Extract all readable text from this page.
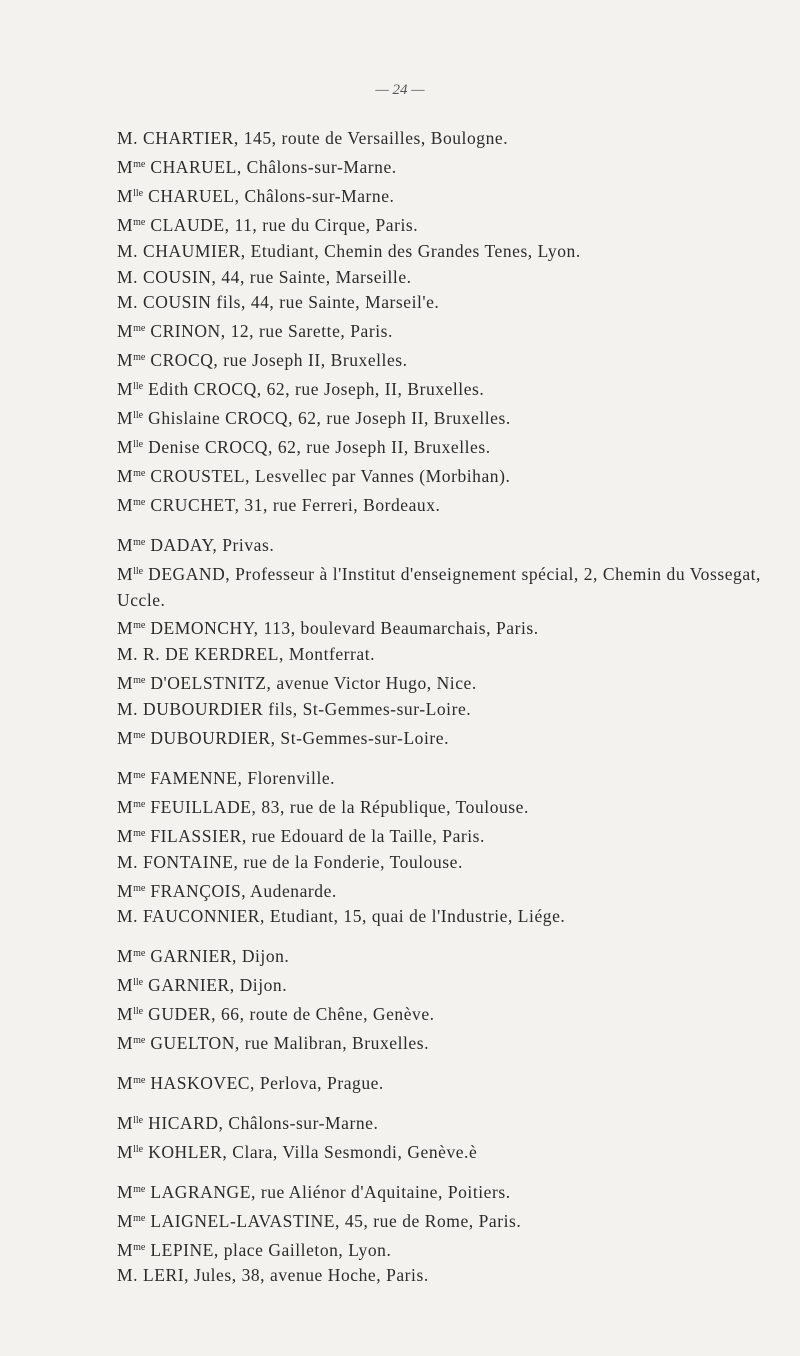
— 24 —
M. CHARTIER, 145, route de Versailles, Boulogne.
$M^{me}$ CHARUEL, Châlons-sur-Marne.
$M^{lle}$ CHARUEL, Châlons-sur-Marne.
$M^{me}$ CLAUDE, 11, rue du Cirque, Paris.
M. CHAUMIER, Etudiant, Chemin des Grandes Tenes, Lyon.
M. COUSIN, 44, rue Sainte, Marseille.
M. COUSIN fils, 44, rue Sainte, Marseil'e.
$M^{me}$ CRINON, 12, rue Sarette, Paris.
$M^{me}$ CROCQ, rue Joseph II, Bruxelles.
$M^{lle}$ Edith CROCQ, 62, rue Joseph, II, Bruxelles.
$M^{lle}$ Ghislaine CROCQ, 62, rue Joseph II, Bruxelles.
$M^{lle}$ Denise CROCQ, 62, rue Joseph II, Bruxelles.
$M^{me}$ CROUSTEL, Lesvellec par Vannes (Morbihan).
$M^{me}$ CRUCHET, 31, rue Ferreri, Bordeaux.
$M^{me}$ DADAY, Privas.
$M^{lle}$ DEGAND, Professeur à l'Institut d'enseignement spécial, 2, Chemin du Vossegat, Uccle.
$M^{me}$ DEMONCHY, 113, boulevard Beaumarchais, Paris.
M. R. DE KERDREL, Montferrat.
$M^{me}$ D'OELSTNITZ, avenue Victor Hugo, Nice.
M. DUBOURDIER fils, St-Gemmes-sur-Loire.
$M^{me}$ DUBOURDIER, St-Gemmes-sur-Loire.
$M^{me}$ FAMENNE, Florenville.
$M^{me}$ FEUILLADE, 83, rue de la République, Toulouse.
$M^{me}$ FILASSIER, rue Edouard de la Taille, Paris.
M. FONTAINE, rue de la Fonderie, Toulouse.
$M^{me}$ FRANÇOIS, Audenarde.
M. FAUCONNIER, Etudiant, 15, quai de l'Industrie, Liége.
$M^{me}$ GARNIER, Dijon.
$M^{lle}$ GARNIER, Dijon.
$M^{lle}$ GUDER, 66, route de Chêne, Genève.
$M^{me}$ GUELTON, rue Malibran, Bruxelles.
$M^{me}$ HASKOVEC, Perlova, Prague.
$M^{lle}$ HICARD, Châlons-sur-Marne.
$M^{lle}$ KOHLER, Clara, Villa Sesmondi, Genève.è
$M^{me}$ LAGRANGE, rue Aliénor d'Aquitaine, Poitiers.
$M^{me}$ LAIGNEL-LAVASTINE, 45, rue de Rome, Paris.
$M^{me}$ LEPINE, place Gailleton, Lyon.
M. LERI, Jules, 38, avenue Hoche, Paris.
